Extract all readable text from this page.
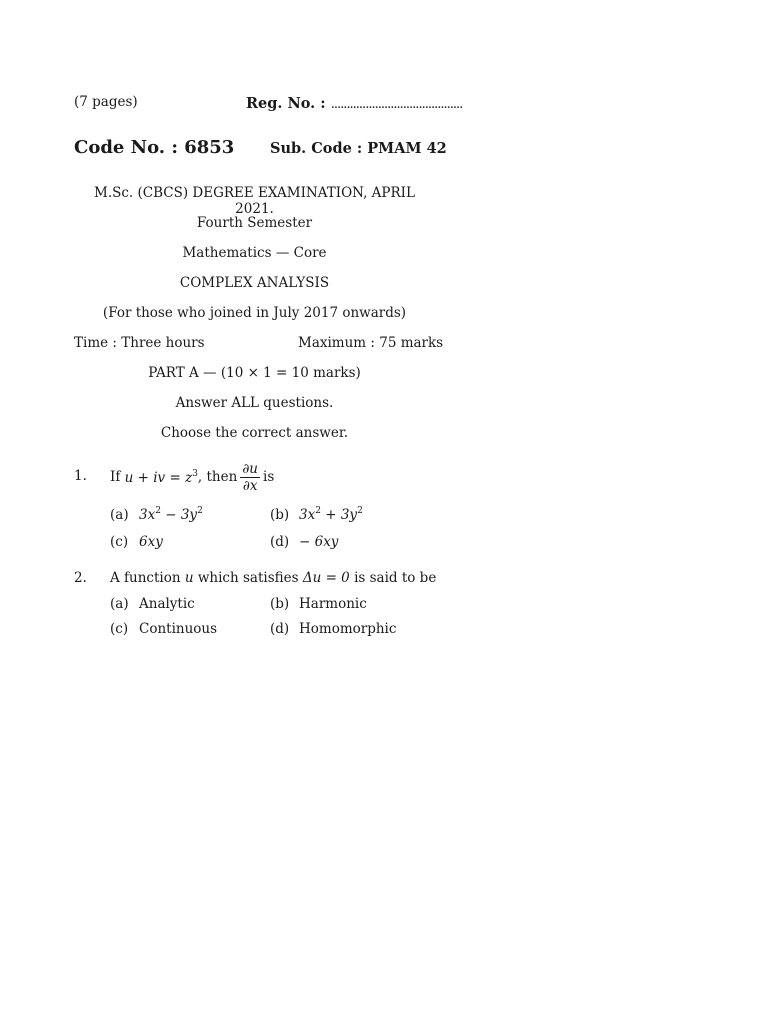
(7 pages)	Reg. No. : ..........................................
Code No. : 6853 Sub. Code : PMAM 42
M.Sc. (CBCS) DEGREE EXAMINATION, APRIL 2021.
Fourth Semester
Mathematics — Core
COMPLEX ANALYSIS
(For those who joined in July 2017 onwards)
Time : Three hours	Maximum : 75 marks
PART A — (10 × 1 = 10 marks)
Answer ALL questions.
Choose the correct answer.
1. If
u + iv = $z^3$ , then $\frac{\partial u}{\partial x}$ is
(a) $3x^2 - 3y^2$	(b) $3x^2 + 3y^2$
(c) 6xy	(d) − 6xy
2. A function u which satisfies Δu = 0 is said to be
(a) Analytic	(b) Harmonic
(c) Continuous	(d) Homomorphic
